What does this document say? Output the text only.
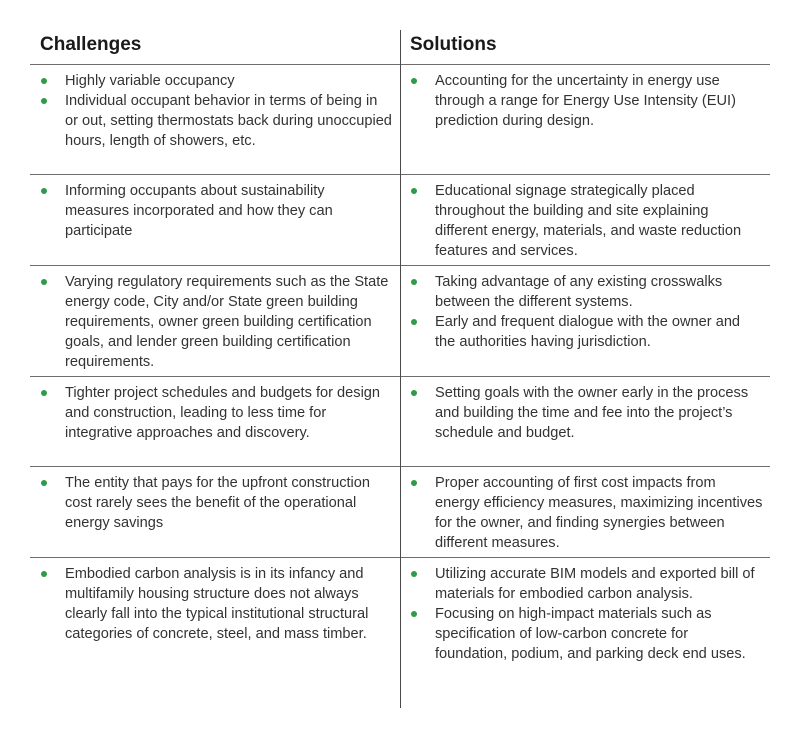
Challenges	Solutions
Highly variable occupancy
Individual occupant behavior in terms of being in or out, setting thermostats back during unoccupied hours, length of showers, etc.
Accounting for the uncertainty in energy use through a range for Energy Use Intensity (EUI) prediction during design.
Informing occupants about sustainability measures incorporated and how they can participate
Educational signage strategically placed throughout the building and site explaining different energy, materials, and waste reduction features and services.
Varying regulatory requirements such as the State energy code, City and/or State green building requirements, owner green building certification goals, and lender green building certification requirements.
Taking advantage of any existing crosswalks between the different systems.
Early and frequent dialogue with the owner and the authorities having jurisdiction.
Tighter project schedules and budgets for design and construction, leading to less time for integrative approaches and discovery.
Setting goals with the owner early in the process and building the time and fee into the project’s schedule and budget.
The entity that pays for the upfront construction cost rarely sees the benefit of the operational energy savings
Proper accounting of first cost impacts from energy efficiency measures, maximizing incentives for the owner, and finding synergies between different measures.
Embodied carbon analysis is in its infancy and multifamily housing structure does not always clearly fall into the typical institutional structural categories of concrete, steel, and mass timber.
Utilizing accurate BIM models and exported bill of materials for embodied carbon analysis.
Focusing on high-impact materials such as specification of low-carbon concrete for foundation, podium, and parking deck end uses.
